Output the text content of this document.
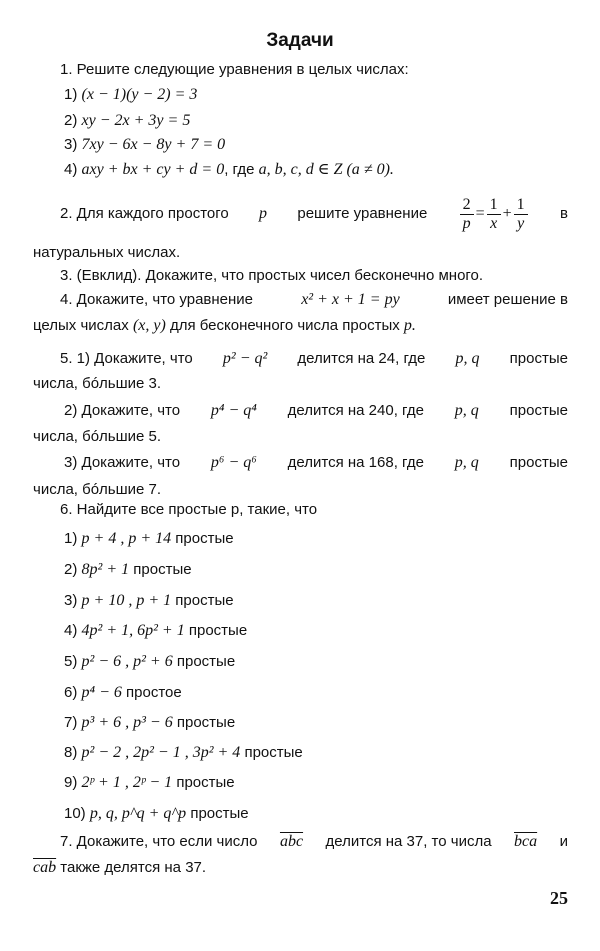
Задачи
1. Решите следующие уравнения в целых числах:
1) (x − 1)(y − 2) = 3
2) xy − 2x + 3y = 5
3) 7xy − 6x − 8y + 7 = 0
4) axy + bx + cy + d = 0, где a, b, c, d ∈ Z (a ≠ 0).
2. Для каждого простого p решите уравнение $\frac{2}{p} = \frac{1}{x} + \frac{1}{y}$ в
натуральных числах.
3. (Евклид). Докажите, что простых чисел бесконечно много.
4. Докажите, что уравнение	x² + x + 1 = py	имеет решение в
целых числах (x, y) для бесконечного числа простых p.
5. 1) Докажите, что p² − q² делится на 24, где p, q простые
числа, бóльшие 3.
2) Докажите, что p⁴ − q⁴ делится на 240, где p, q простые
числа, бóльшие 5.
3) Докажите, что p⁶ − q⁶ делится на 168, где p, q простые
числа, бóльшие 7.
6. Найдите все простые p, такие, что
1) p + 4 , p + 14 простые
2) 8p² + 1 простые
3) p + 10 , p + 1 простые
4) 4p² + 1, 6p² + 1 простые
5) p² − 6 , p² + 6 простые
6) p⁴ − 6 простое
7) p³ + 6 , p³ − 6 простые
8) p² − 2 , 2p² − 1 , 3p² + 4 простые
9) 2ᵖ + 1 , 2ᵖ − 1 простые
10) p, q, p^q + q^p простые
7. Докажите, что если число $\overline{abc}$ делится на 37, то числа $\overline{bca}$ и
$\overline{cab}$ также делятся на 37.
25
